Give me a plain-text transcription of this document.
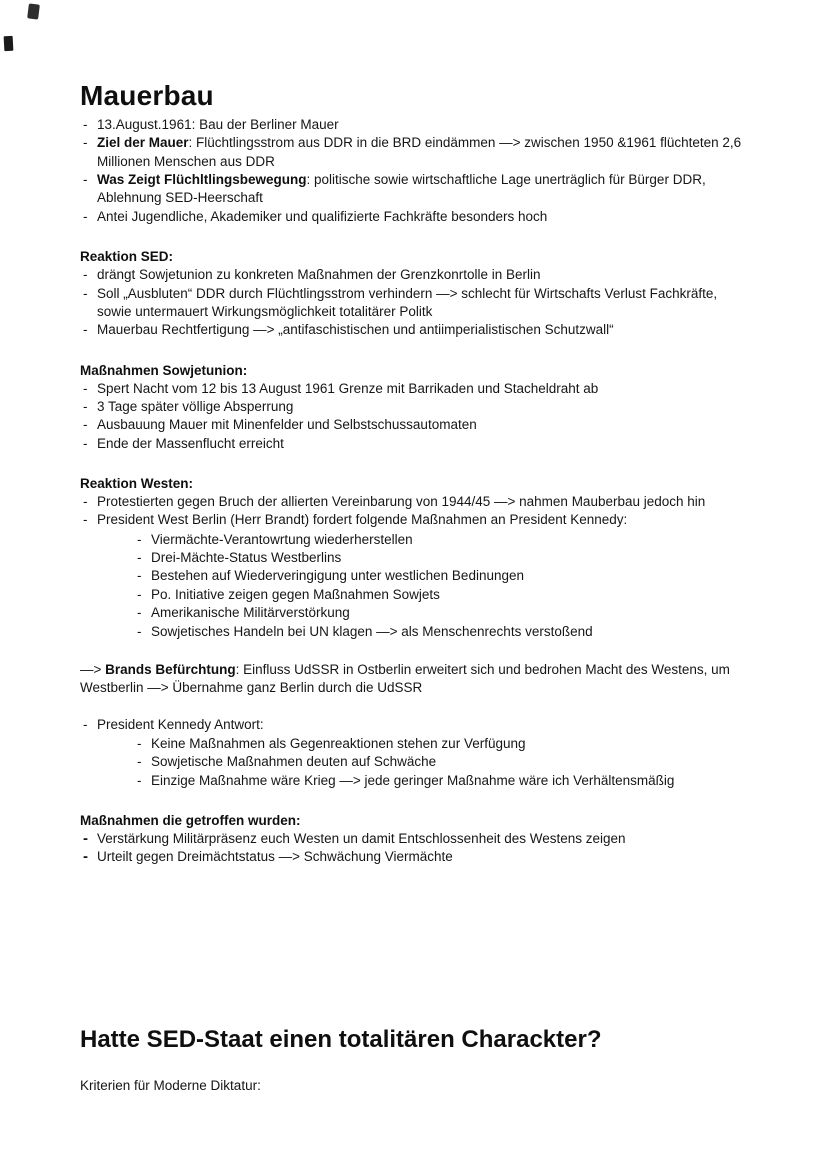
Mauerbau
- 13.August.1961: Bau der Berliner Mauer
- Ziel der Mauer: Flüchtlingsstrom aus DDR in die BRD eindämmen —> zwischen 1950 &1961 flüchteten 2,6 Millionen Menschen aus DDR
- Was Zeigt Flüchltlingsbewegung: politische sowie wirtschaftliche Lage unerträglich für Bürger DDR, Ablehnung SED-Heerschaft
- Antei Jugendliche, Akademiker und qualifizierte Fachkräfte besonders hoch
Reaktion SED:
- drängt Sowjetunion zu konkreten Maßnahmen der Grenzkonrtolle in Berlin
- Soll „Ausbluten“ DDR durch Flüchtlingsstrom verhindern —> schlecht für Wirtschafts Verlust Fachkräfte, sowie untermauert Wirkungsmöglichkeit totalitärer Politk
- Mauerbau Rechtfertigung —> „antifaschistischen und antiimperialistischen Schutzwall“
Maßnahmen Sowjetunion:
- Spert Nacht vom 12 bis 13 August 1961 Grenze mit Barrikaden und Stacheldraht ab
- 3 Tage später völlige Absperrung
- Ausbauung Mauer mit Minenfelder und Selbstschussautomaten
- Ende der Massenflucht erreicht
Reaktion Westen:
- Protestierten gegen Bruch der allierten Vereinbarung von 1944/45 —> nahmen Mauberbau jedoch hin
- President West Berlin (Herr Brandt) fordert folgende Maßnahmen an President Kennedy:
- Viermächte-Verantowrtung wiederherstellen
- Drei-Mächte-Status Westberlins
- Bestehen auf Wiederveringigung unter westlichen Bedinungen
- Po. Initiative zeigen gegen Maßnahmen Sowjets
- Amerikanische Militärverstörkung
- Sowjetisches Handeln bei UN klagen —> als Menschenrechts verstoßend

—> Brands Befürchtung: Einfluss UdSSR in Ostberlin erweitert sich und bedrohen Macht des Westens, um Westberlin —> Übernahme ganz Berlin durch die UdSSR

- President Kennedy Antwort:
- Keine Maßnahmen als Gegenreaktionen stehen zur Verfügung
- Sowjetische Maßnahmen deuten auf Schwäche
- Einzige Maßnahme wäre Krieg —> jede geringer Maßnahme wäre ich Verhältensmäßig
Maßnahmen die getroffen wurden:
- Verstärkung Militärpräsenz euch Westen un damit Entschlossenheit des Westens zeigen
- Urteilt gegen Dreimächtstatus —> Schwächung Viermächte
Hatte SED-Staat einen totalitären Charackter?

Kriterien für Moderne Diktatur:
